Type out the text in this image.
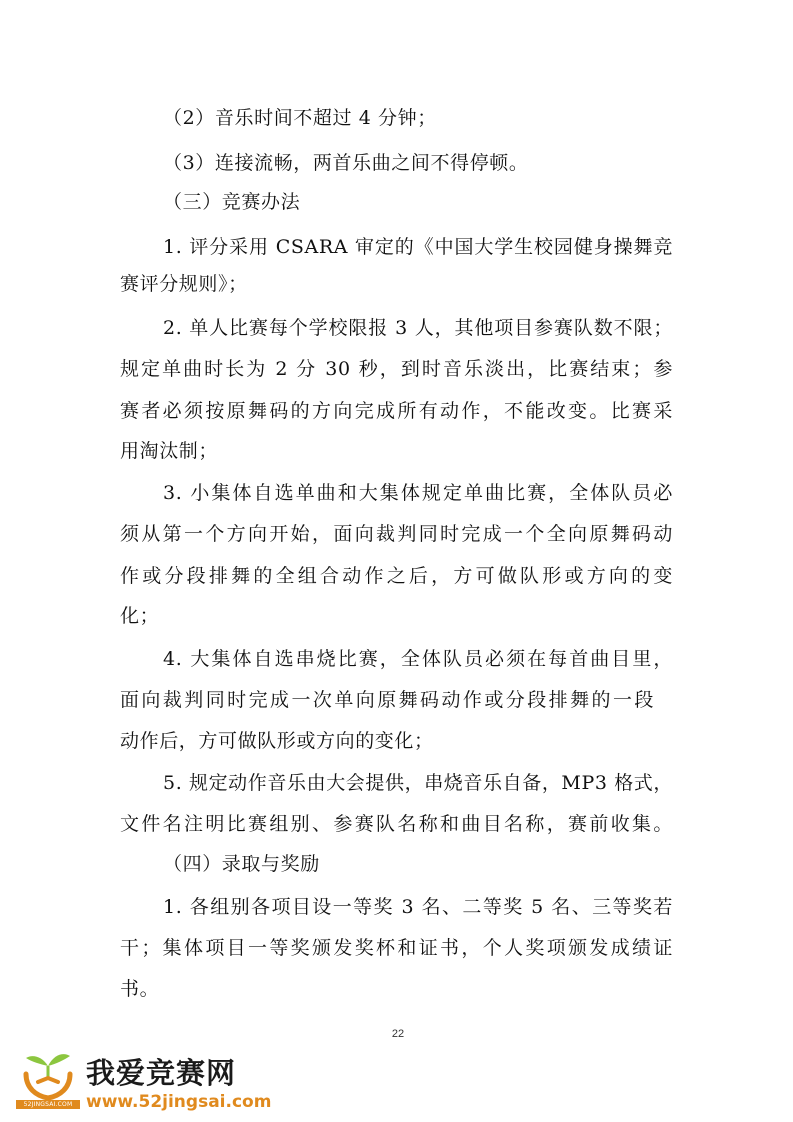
（2）音乐时间不超过 4 分钟；
（3）连接流畅，两首乐曲之间不得停顿。
（三）竞赛办法
1. 评分采用 CSARA 审定的《中国大学生校园健身操舞竞
赛评分规则》；
2. 单人比赛每个学校限报 3 人，其他项目参赛队数不限；
规定单曲时长为 2 分 30 秒，到时音乐淡出，比赛结束；参
赛者必须按原舞码的方向完成所有动作，不能改变。比赛采
用淘汰制；
3. 小集体自选单曲和大集体规定单曲比赛，全体队员必
须从第一个方向开始，面向裁判同时完成一个全向原舞码动
作或分段排舞的全组合动作之后，方可做队形或方向的变
化；
4. 大集体自选串烧比赛，全体队员必须在每首曲目里，
面向裁判同时完成一次单向原舞码动作或分段排舞的一段
动作后，方可做队形或方向的变化；
5. 规定动作音乐由大会提供，串烧音乐自备，MP3 格式，
文件名注明比赛组别、参赛队名称和曲目名称，赛前收集。
（四）录取与奖励
1. 各组别各项目设一等奖 3 名、二等奖 5 名、三等奖若
干；集体项目一等奖颁发奖杯和证书，个人奖项颁发成绩证
书。
22
52JINGSAI.COM
我爱竞赛网
www.52jingsai.com
